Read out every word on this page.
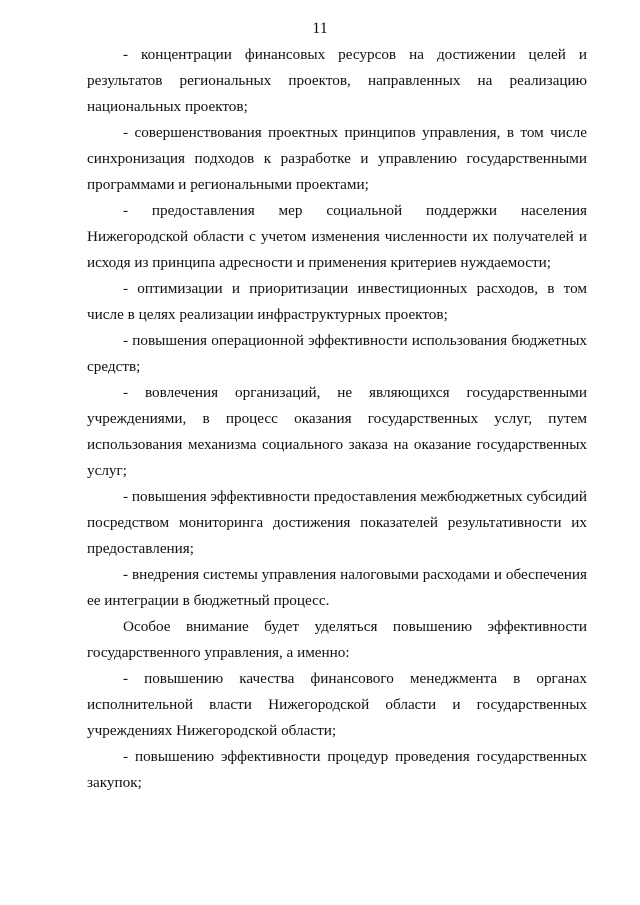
11

- концентрации финансовых ресурсов на достижении целей и результатов региональных проектов, направленных на реализацию национальных проектов;

- совершенствования проектных принципов управления, в том числе синхронизация подходов к разработке и управлению государственными программами и региональными проектами;

- предоставления мер социальной поддержки населения Нижегородской области с учетом изменения численности их получателей и исходя из принципа адресности и применения критериев нуждаемости;

- оптимизации и приоритизации инвестиционных расходов, в том числе в целях реализации инфраструктурных проектов;

- повышения операционной эффективности использования бюджетных средств;

- вовлечения организаций, не являющихся государственными учреждениями, в процесс оказания государственных услуг, путем использования механизма социального заказа на оказание государственных услуг;

- повышения эффективности предоставления межбюджетных субсидий посредством мониторинга достижения показателей результативности их предоставления;

- внедрения системы управления налоговыми расходами и обеспечения ее интеграции в бюджетный процесс.

Особое внимание будет уделяться повышению эффективности государственного управления, а именно:

- повышению качества финансового менеджмента в органах исполнительной власти Нижегородской области и государственных учреждениях Нижегородской области;

- повышению эффективности процедур проведения государственных закупок;
